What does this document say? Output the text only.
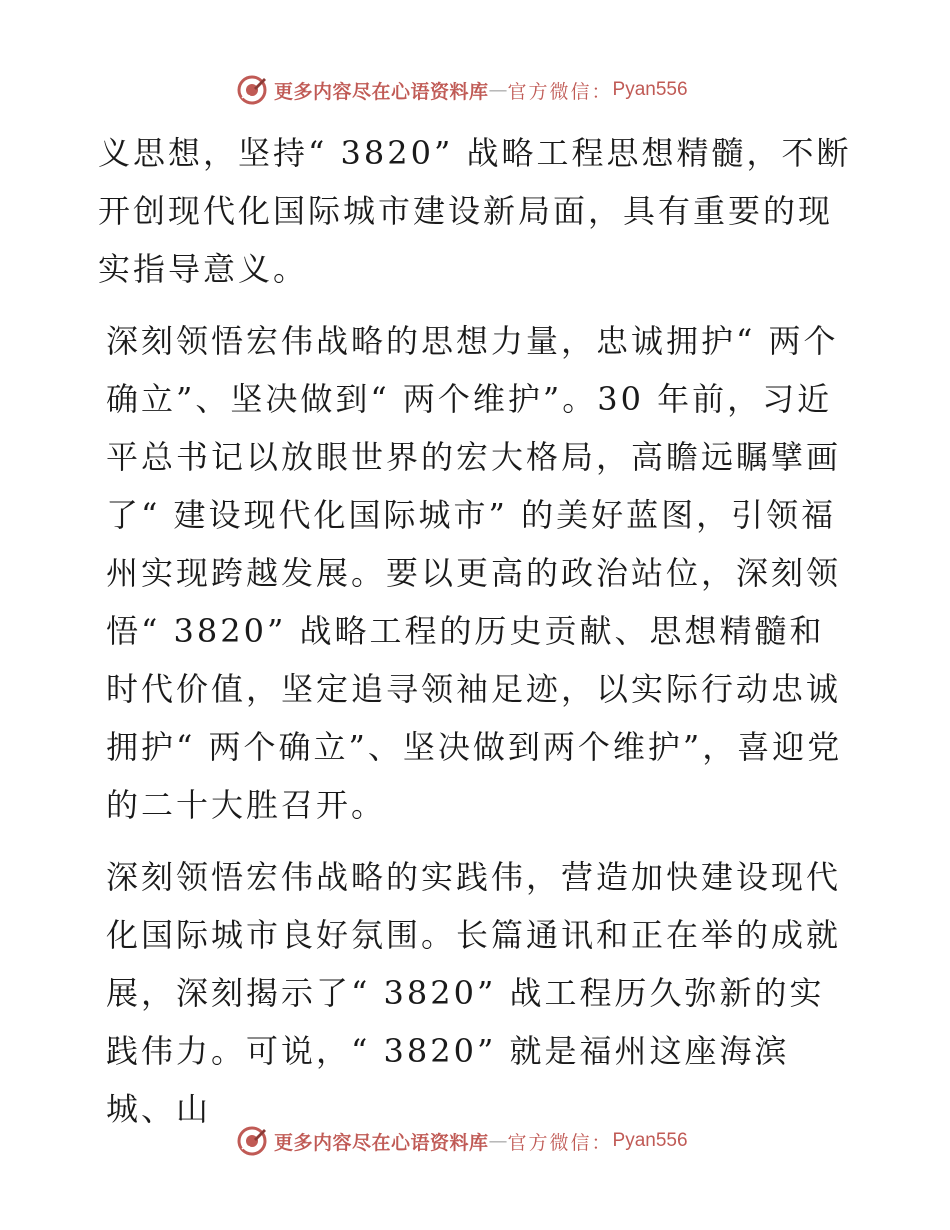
更多内容尽在心语资料库 — 官方微信： Pyan556

义思想，坚持“ 3820” 战略工程思想精髓，不断开创现代化国际城市建设新局面，具有重要的现实指导意义。

深刻领悟宏伟战略的思想力量，忠诚拥护“ 两个确立”、坚决做到“ 两个维护”。30 年前，习近平总书记以放眼世界的宏大格局，高瞻远瞩擘画了“ 建设现代化国际城市” 的美好蓝图，引领福州实现跨越发展。要以更高的政治站位，深刻领悟“ 3820” 战略工程的历史贡献、思想精髓和时代价值，坚定追寻领袖足迹，以实际行动忠诚拥护“ 两个确立”、坚决做到两个维护”，喜迎党的二十大胜召开。

深刻领悟宏伟战略的实践伟，营造加快建设现代化国际城市良好氛围。长篇通讯和正在举的成就展，深刻揭示了“ 3820” 战工程历久弥新的实践伟力。可说，“ 3820” 就是福州这座海滨城、山

更多内容尽在心语资料库 — 官方微信： Pyan556
